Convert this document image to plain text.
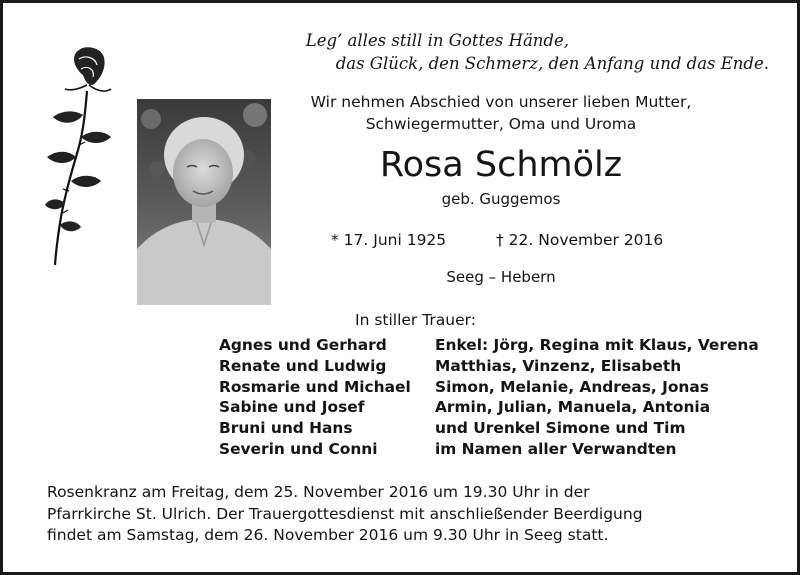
Leg’ alles still in Gottes Hände,
das Glück, den Schmerz, den Anfang und das Ende.
Wir nehmen Abschied von unserer lieben Mutter,
Schwiegermutter, Oma und Uroma
Rosa Schmölz
geb. Guggemos
* 17. Juni 1925	† 22. November 2016
Seeg – Hebern
In stiller Trauer:
Agnes und Gerhard
Renate und Ludwig
Rosmarie und Michael
Sabine und Josef
Bruni und Hans
Severin und Conni
Enkel: Jörg, Regina mit Klaus, Verena
Matthias, Vinzenz, Elisabeth
Simon, Melanie, Andreas, Jonas
Armin, Julian, Manuela, Antonia
und Urenkel Simone und Tim
im Namen aller Verwandten
Rosenkranz am Freitag, dem 25. November 2016 um 19.30 Uhr in der
Pfarrkirche St. Ulrich. Der Trauergottesdienst mit anschließender Beerdigung
findet am Samstag, dem 26. November 2016 um 9.30 Uhr in Seeg statt.
